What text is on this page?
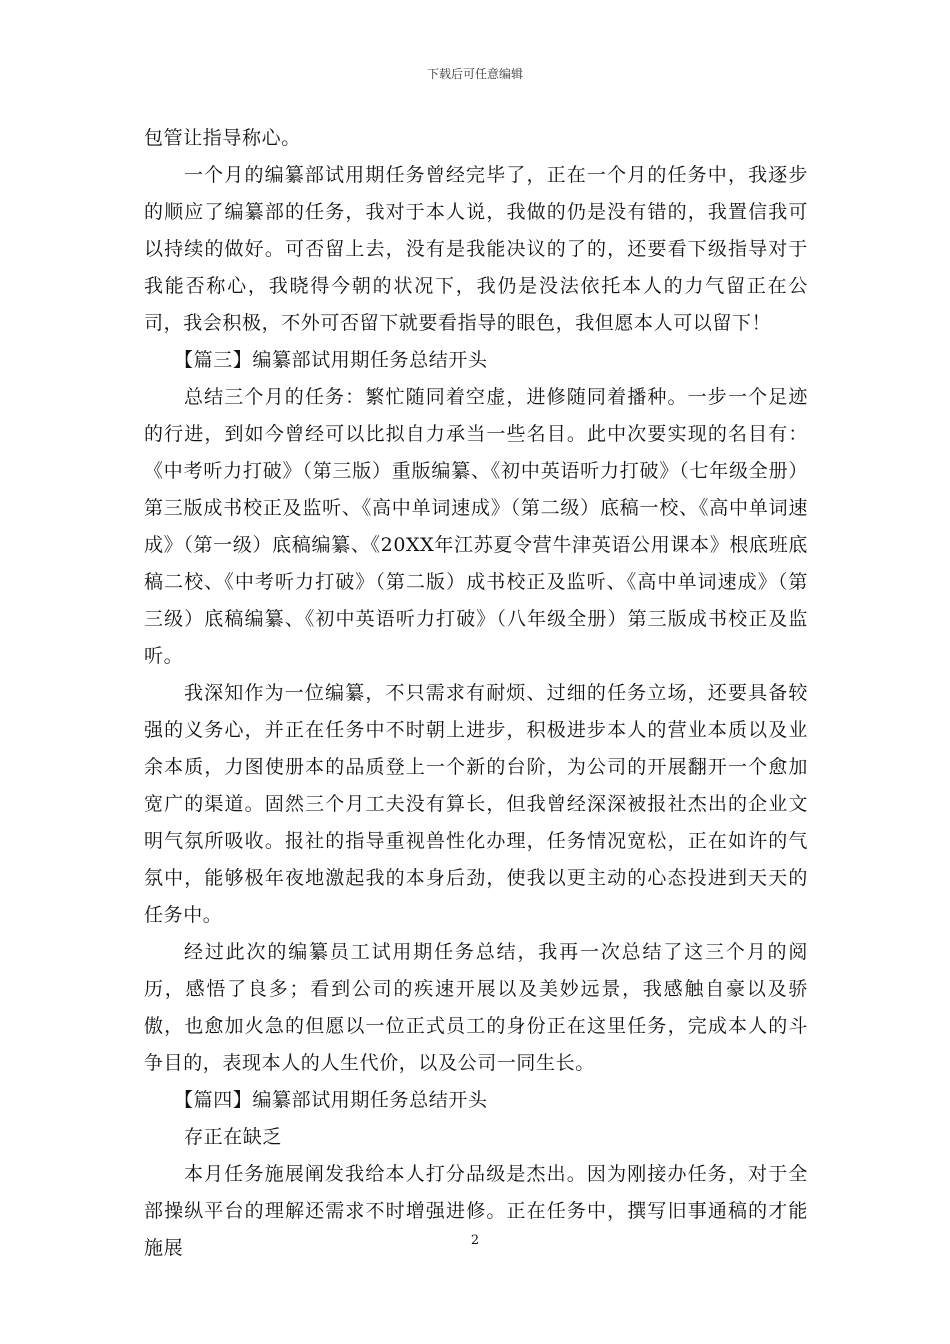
下载后可任意编辑

包管让指导称心。

一个月的编纂部试用期任务曾经完毕了，正在一个月的任务中，我逐步的顺应了编纂部的任务，我对于本人说，我做的仍是没有错的，我置信我可以持续的做好。可否留上去，没有是我能决议的了的，还要看下级指导对于我能否称心，我晓得今朝的状况下，我仍是没法依托本人的力气留正在公司，我会积极，不外可否留下就要看指导的眼色，我但愿本人可以留下！

【篇三】编纂部试用期任务总结开头

总结三个月的任务：繁忙随同着空虚，进修随同着播种。一步一个足迹的行进，到如今曾经可以比拟自力承当一些名目。此中次要实现的名目有：《中考听力打破》（第三版）重版编纂、《初中英语听力打破》（七年级全册）第三版成书校正及监听、《高中单词速成》（第二级）底稿一校、《高中单词速成》（第一级）底稿编纂、《20XX年江苏夏令营牛津英语公用课本》根底班底稿二校、《中考听力打破》（第二版）成书校正及监听、《高中单词速成》（第三级）底稿编纂、《初中英语听力打破》（八年级全册）第三版成书校正及监听。

我深知作为一位编纂，不只需求有耐烦、过细的任务立场，还要具备较强的义务心，并正在任务中不时朝上进步，积极进步本人的营业本质以及业余本质，力图使册本的品质登上一个新的台阶，为公司的开展翻开一个愈加宽广的渠道。固然三个月工夫没有算长，但我曾经深深被报社杰出的企业文明气氛所吸收。报社的指导重视兽性化办理，任务情况宽松，正在如许的气氛中，能够极年夜地激起我的本身后劲，使我以更主动的心态投进到天天的任务中。

经过此次的编纂员工试用期任务总结，我再一次总结了这三个月的阅历，感悟了良多；看到公司的疾速开展以及美妙远景，我感触自豪以及骄傲，也愈加火急的但愿以一位正式员工的身份正在这里任务，完成本人的斗争目的，表现本人的人生代价，以及公司一同生长。

【篇四】编纂部试用期任务总结开头

存正在缺乏

本月任务施展阐发我给本人打分品级是杰出。因为刚接办任务，对于全部操纵平台的理解还需求不时增强进修。正在任务中，撰写旧事通稿的才能施展	2
